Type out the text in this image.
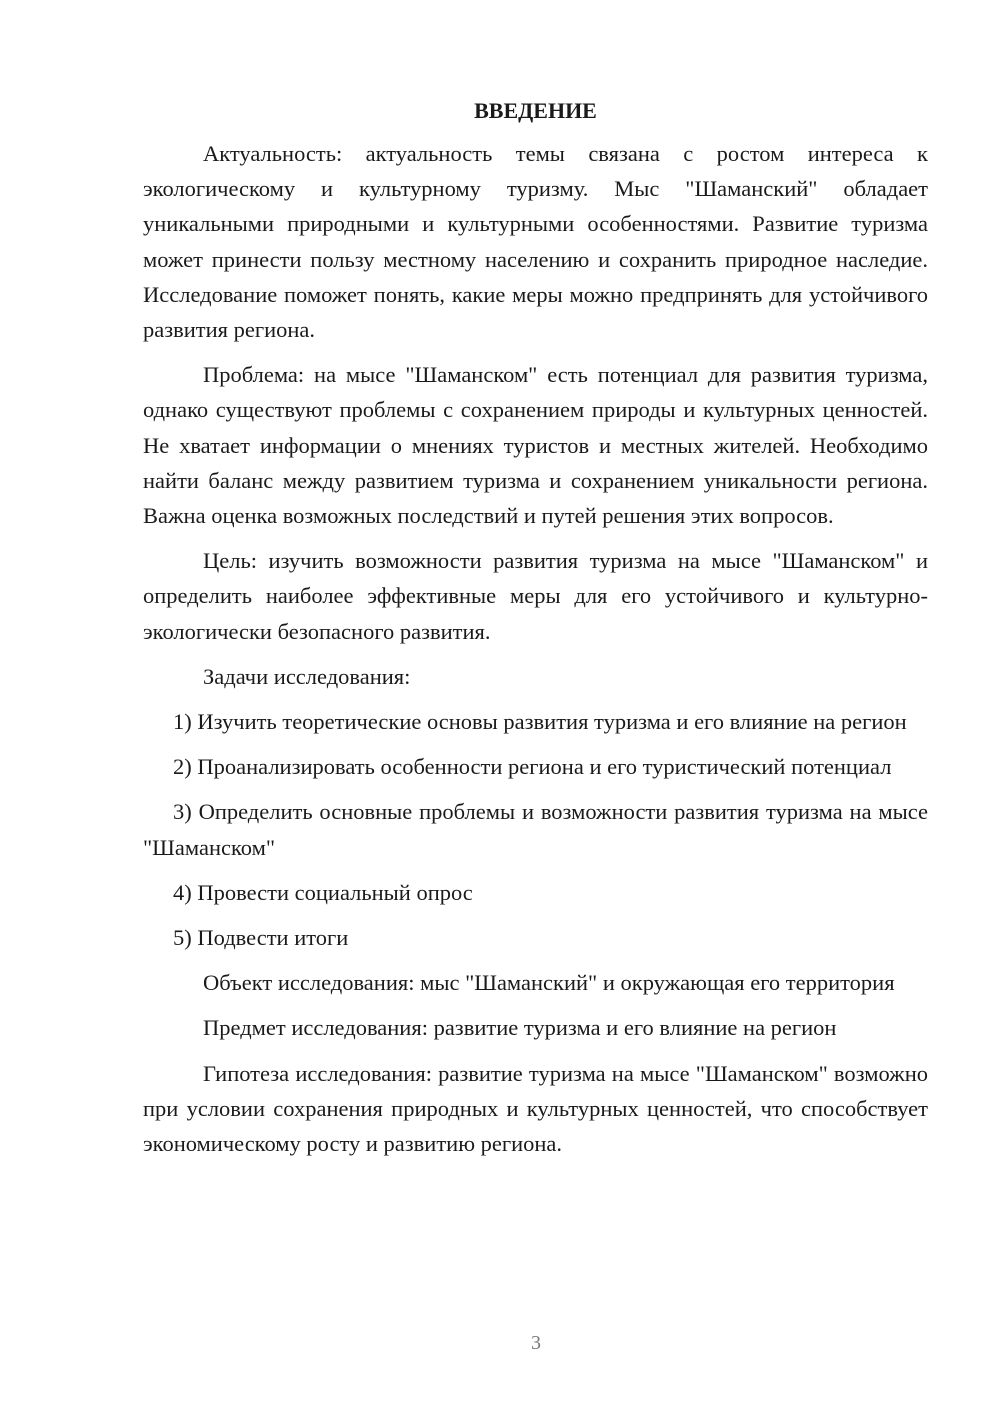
ВВЕДЕНИЕ

Актуальность: актуальность темы связана с ростом интереса к экологическому и культурному туризму. Мыс "Шаманский" обладает уникальными природными и культурными особенностями. Развитие туризма может принести пользу местному населению и сохранить природное наследие. Исследование поможет понять, какие меры можно предпринять для устойчивого развития региона.

Проблема: на мысе "Шаманском" есть потенциал для развития туризма, однако существуют проблемы с сохранением природы и культурных ценностей. Не хватает информации о мнениях туристов и местных жителей. Необходимо найти баланс между развитием туризма и сохранением уникальности региона. Важна оценка возможных последствий и путей решения этих вопросов.

Цель: изучить возможности развития туризма на мысе "Шаманском" и определить наиболее эффективные меры для его устойчивого и культурно-экологически безопасного развития.

Задачи исследования:

1) Изучить теоретические основы развития туризма и его влияние на регион

2) Проанализировать особенности региона и его туристический потенциал

3) Определить основные проблемы и возможности развития туризма на мысе "Шаманском"

4) Провести социальный опрос

5) Подвести итоги

Объект исследования: мыс "Шаманский" и окружающая его территория

Предмет исследования: развитие туризма и его влияние на регион

Гипотеза исследования: развитие туризма на мысе "Шаманском" возможно при условии сохранения природных и культурных ценностей, что способствует экономическому росту и развитию региона.

3
